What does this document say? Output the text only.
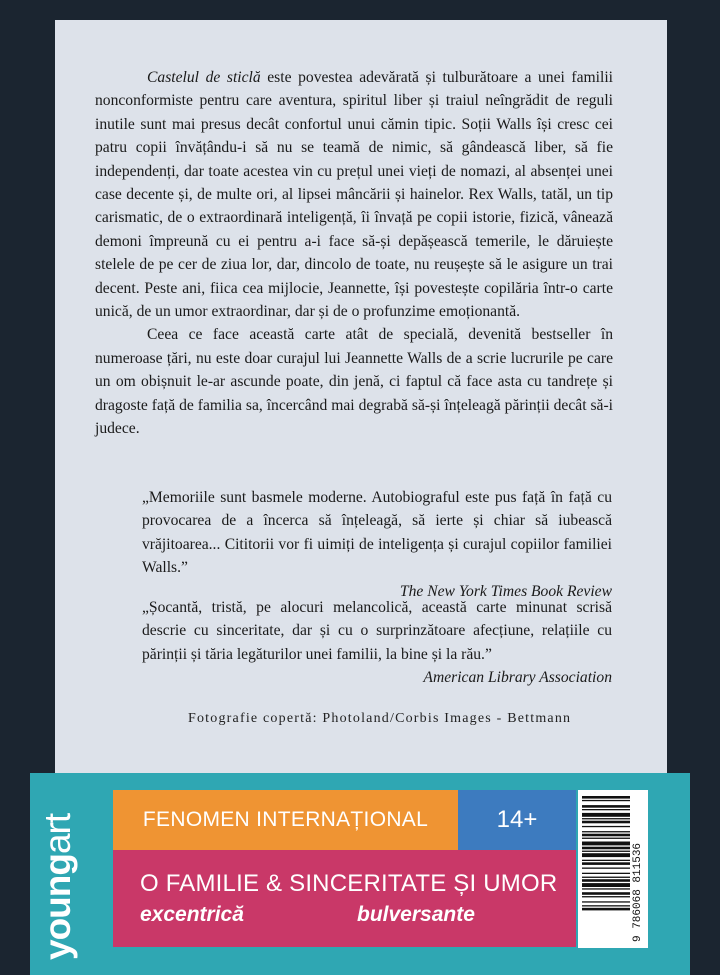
Castelul de sticlă este povestea adevărată și tulburătoare a unei familii nonconformiste pentru care aventura, spiritul liber și traiul neîngrădit de reguli inutile sunt mai presus decât confortul unui cămin tipic. Soții Walls își cresc cei patru copii învățându-i să nu se teamă de nimic, să gândească liber, să fie independenți, dar toate acestea vin cu prețul unei vieți de nomazi, al absenței unei case decente și, de multe ori, al lipsei mâncării și hainelor. Rex Walls, tatăl, un tip carismatic, de o extraordinară inteligență, îi învață pe copii istorie, fizică, vânează demoni împreună cu ei pentru a-i face să-și depășească temerile, le dăruiește stelele de pe cer de ziua lor, dar, dincolo de toate, nu reușește să le asigure un trai decent. Peste ani, fiica cea mijlocie, Jeannette, își povestește copilăria într-o carte unică, de un umor extraordinar, dar și de o profunzime emoționantă.

Ceea ce face această carte atât de specială, devenită bestseller în numeroase țări, nu este doar curajul lui Jeannette Walls de a scrie lucrurile pe care un om obișnuit le-ar ascunde poate, din jenă, ci faptul că face asta cu tandrețe și dragoste față de familia sa, încercând mai degrabă să-și înțeleagă părinții decât să-i judece.

„Memoriile sunt basmele moderne. Autobiograful este pus față în față cu provocarea de a încerca să înțeleagă, să ierte și chiar să iubească vrăjitoarea... Cititorii vor fi uimiți de inteligența și curajul copiilor familiei Walls.”
The New York Times Book Review
„Șocantă, tristă, pe alocuri melancolică, această carte minunat scrisă descrie cu sinceritate, dar și cu o surprinzătoare afecțiune, relațiile cu părinții și tăria legăturilor unei familii, la bine și la rău.”
American Library Association
Fotografie copertă: Photoland/Corbis Images - Bettmann
youngart	FENOMEN INTERNAȚIONAL	14+
O FAMILIE & SINCERITATE ȘI UMOR
excentrică	bulversante	9 786068 811536
